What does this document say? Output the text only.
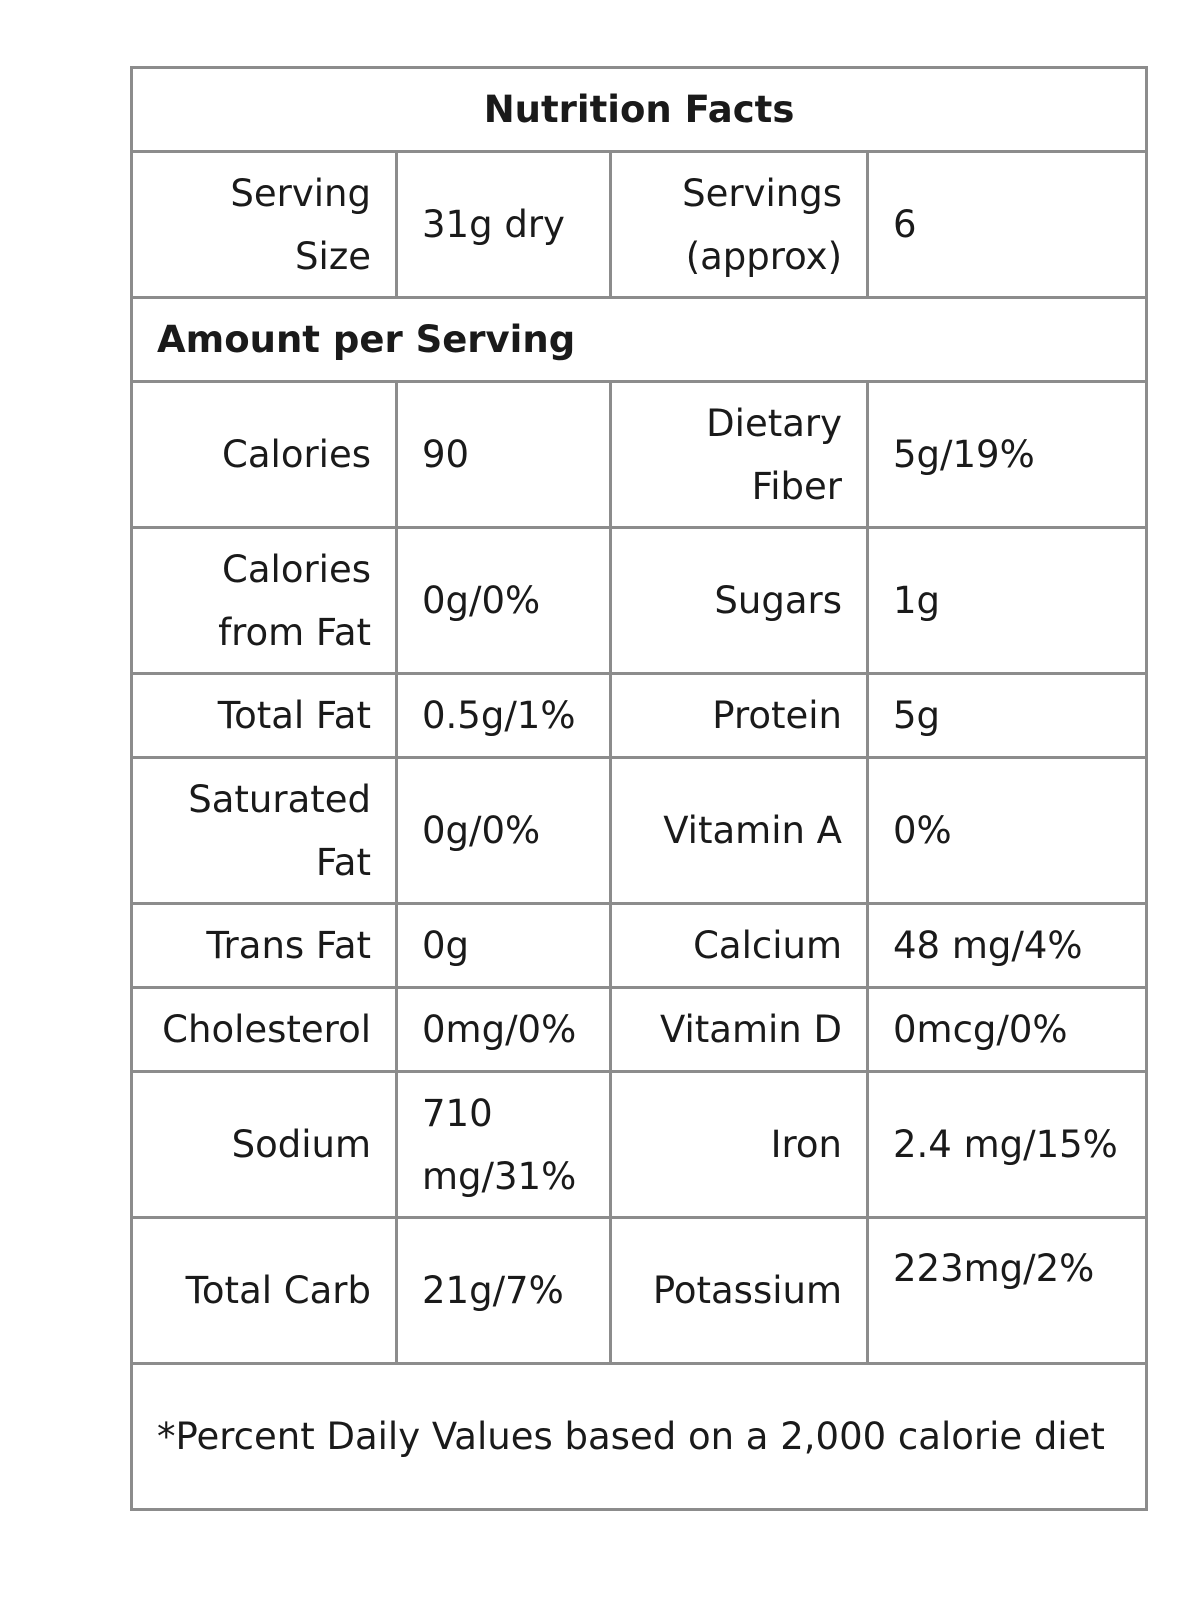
Nutrition Facts			
Serving Size	31g dry	Servings (approx)	6
Amount per Serving			
Calories	90	Dietary Fiber	5g/19%
Calories from Fat	0g/0%	Sugars	1g
Total Fat	0.5g/1%	Protein	5g
Saturated Fat	0g/0%	Vitamin A	0%
Trans Fat	0g	Calcium	48 mg/4%
Cholesterol	0mg/0%	Vitamin D	0mcg/0%
Sodium	710 mg/31%	Iron	2.4 mg/15%
Total Carb	21g/7%	Potassium	223mg/2%
*Percent Daily Values based on a 2,000 calorie diet			
